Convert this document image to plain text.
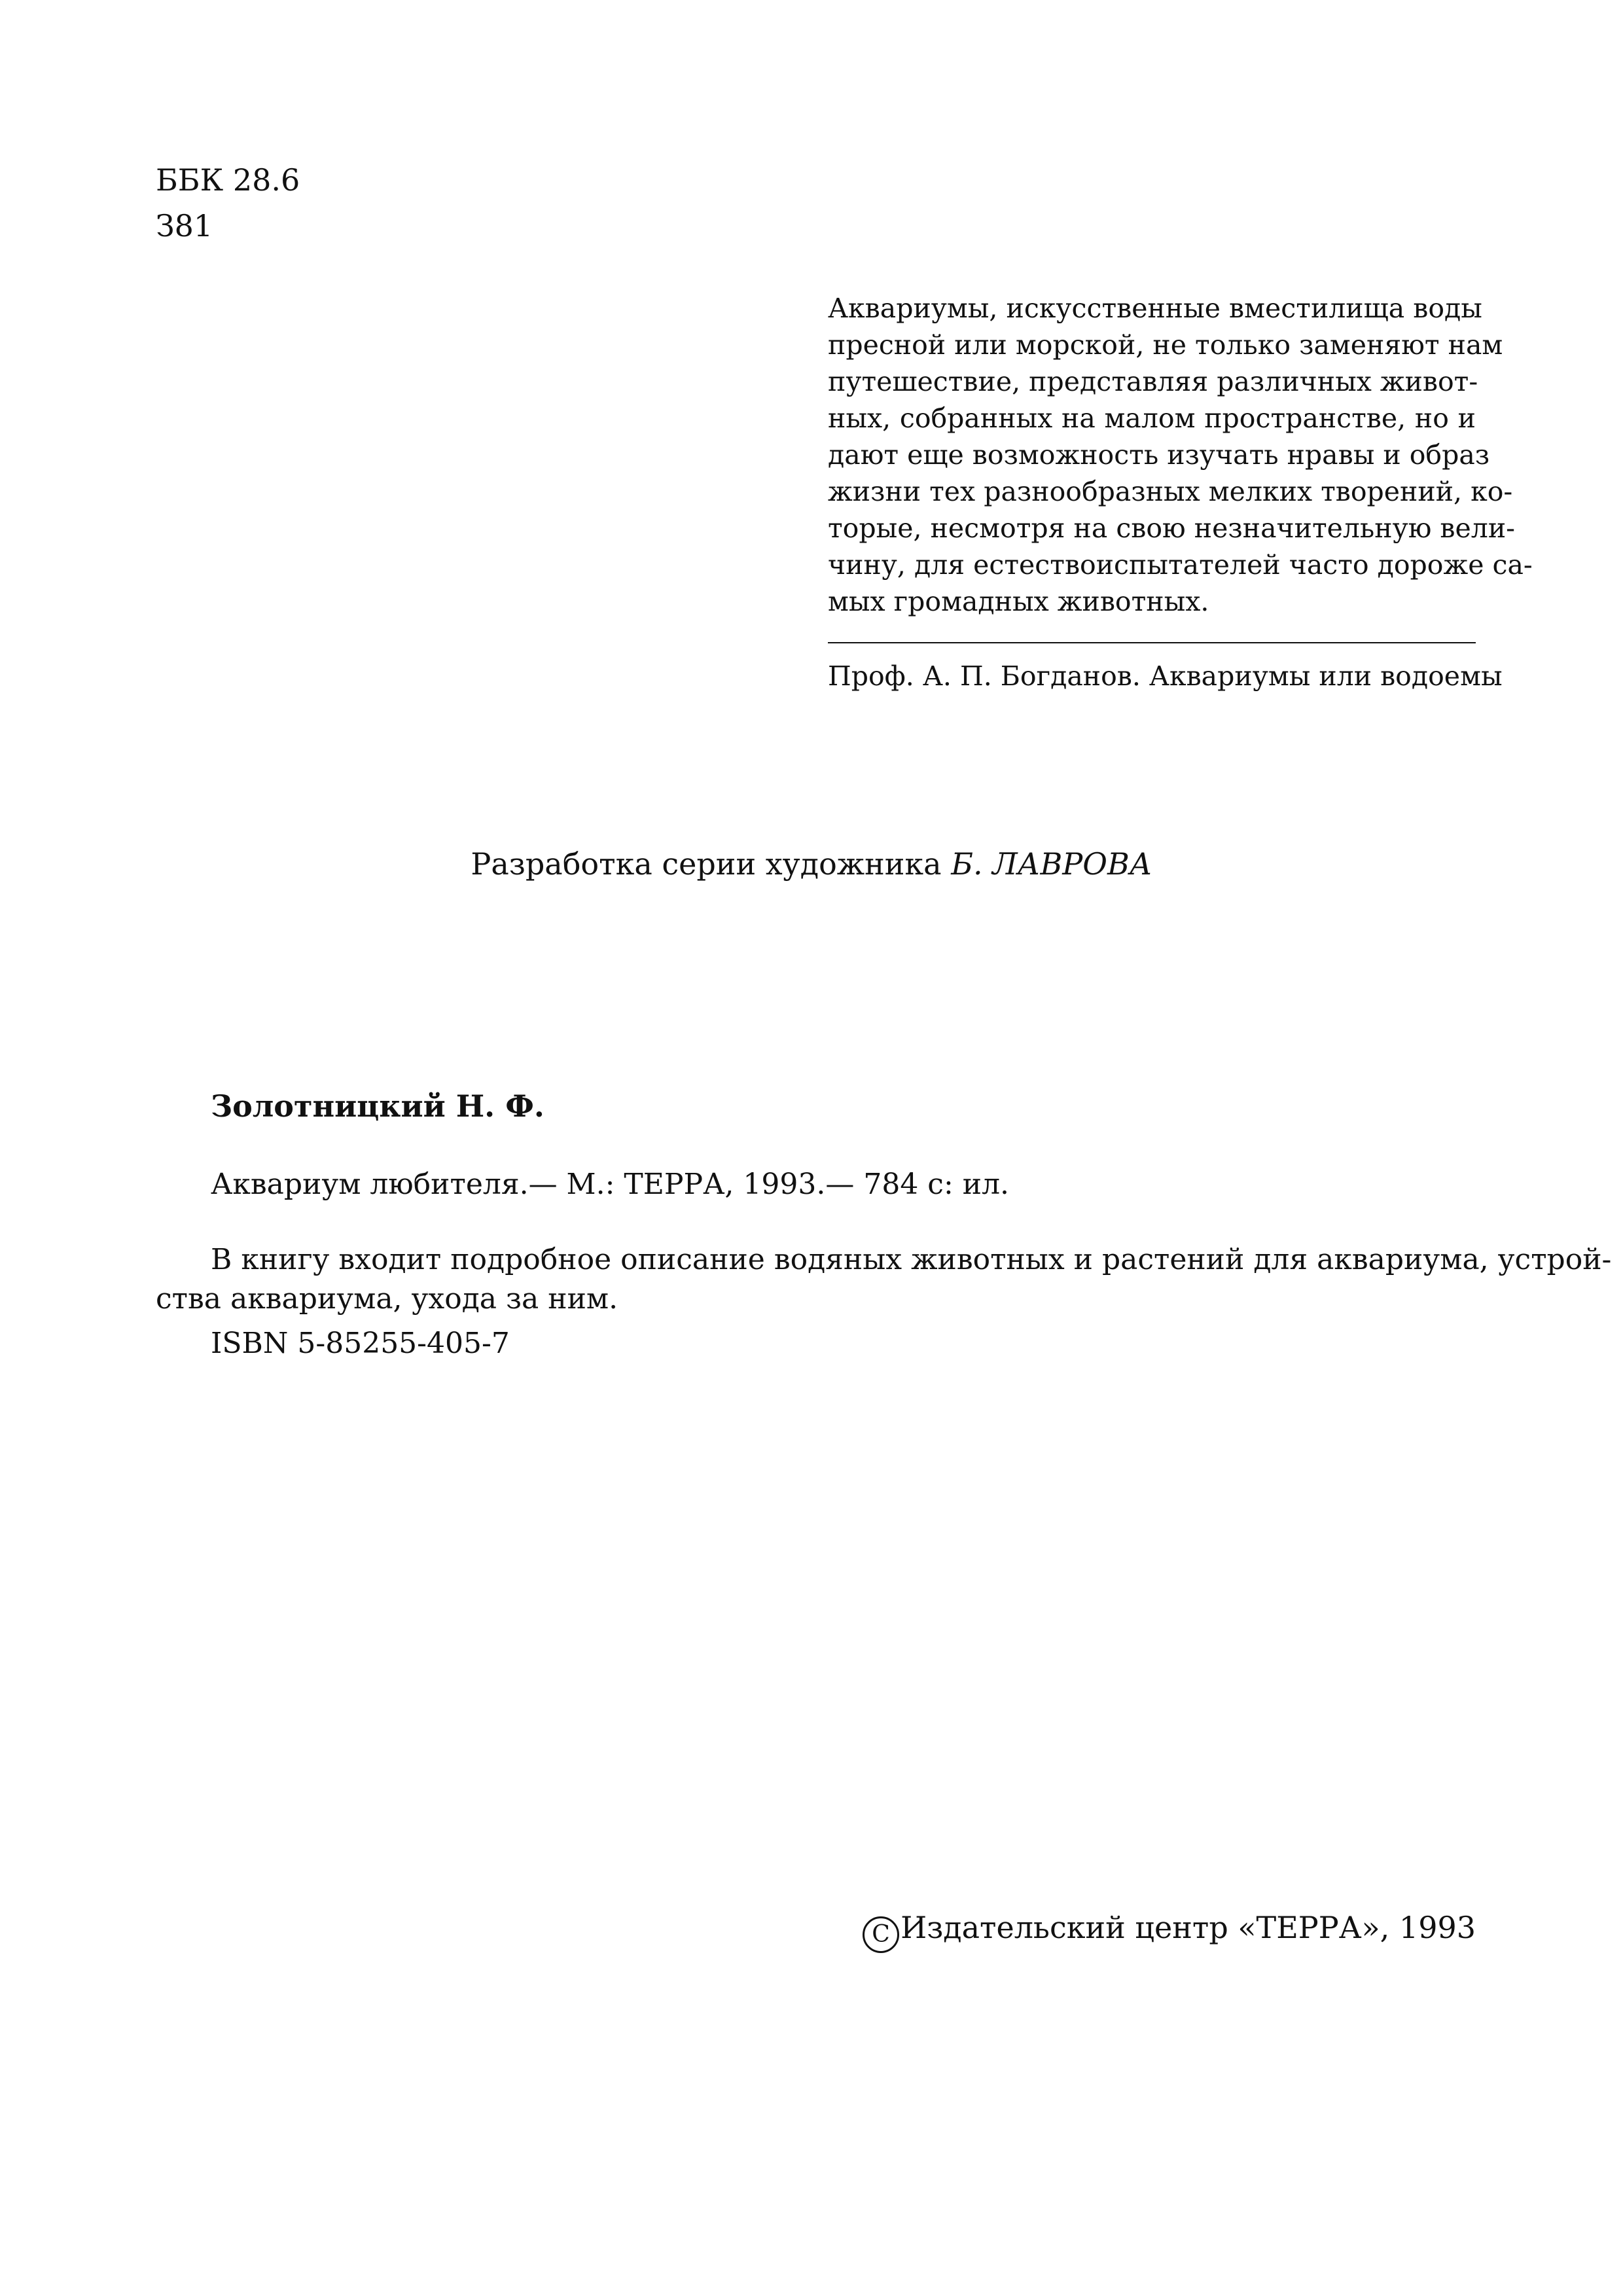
ББК 28.6
З81
Аквариумы, искусственные вместилища воды
пресной или морской, не только заменяют нам
путешествие, представляя различных живот-
ных, собранных на малом пространстве, но и
дают еще возможность изучать нравы и образ
жизни тех разнообразных мелких творений, ко-
торые, несмотря на свою незначительную вели-
чину, для естествоиспытателей часто дороже са-
мых громадных животных.
Проф. А. П. Богданов. Аквариумы или водоемы
Разработка серии художника Б. ЛАВРОВА
Золотницкий Н. Ф.
Аквариум любителя.— М.: ТЕРРА, 1993.— 784 с: ил.
В книгу входит подробное описание водяных животных и растений для аквариума, устрой-
ства аквариума, ухода за ним.
ISBN 5-85255-405-7
C Издательский центр «ТЕРРА», 1993
